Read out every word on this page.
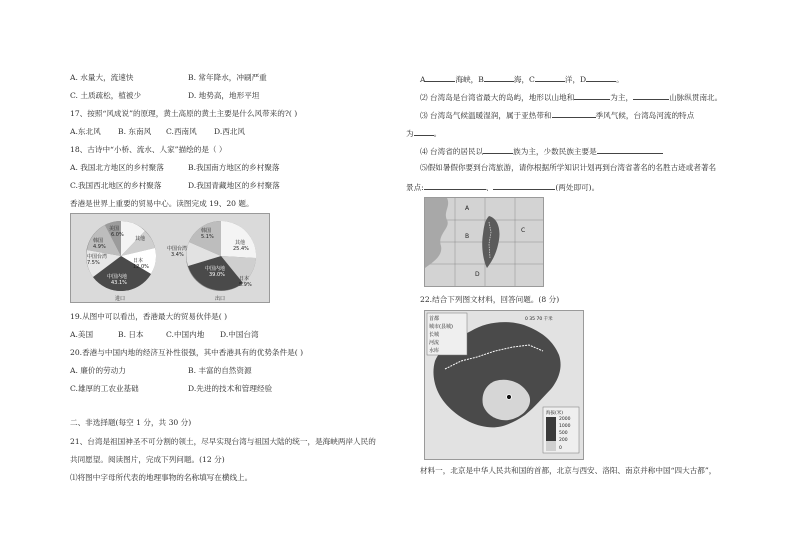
A. 水量大，流速快	B. 常年降水，冲刷严重
C. 土质疏松，植被少	D. 地势高，地形平坦
17、按照“风成说”的原理，黄土高原的黄土主要是什么风带来的?( )
A.东北风 B. 东南风 C.西南风 D.西北风
18、古诗中“小桥、流水、人家”描绘的是（ ）
A. 我国北方地区的乡村聚落	B.我国南方地区的乡村聚落
C.我国西北地区的乡村聚落	D.我国青藏地区的乡村聚落
香港是世界上重要的贸易中心。读图完成 19、20 题。
美国
6.0%
韩国
4.9%
中国台湾
7.5%	日本
12.0%
中国内地
43.1%
其他
进口
韩国
5.1%
中国台湾
3.4%
其他
25.4%
中国内地
39.0%
日本
5.9%
出口
19.从图中可以看出，香港最大的贸易伙伴是( )
A.美国	B. 日本	C.中国内地 D.中国台湾
20.香港与中国内地的经济互补性很强，其中香港具有的优势条件是( )
A. 廉价的劳动力	B. 丰富的自然资源
C.雄厚的工农业基础	D.先进的技术和管理经验
二、非选择题(每空 1 分，共 30 分)
21、台湾是祖国神圣不可分割的领土，尽早实现台湾与祖国大陆的统一，是海峡两岸人民的
共同愿望。阅读图片，完成下列问题。(12 分)
⑴将图中字母所代表的地理事物的名称填写在横线上。
A	海峡，B	海，C	洋，D	。
⑵ 台湾岛是台湾省最大的岛屿，地形以山地和	为主，	山脉纵贯南北。
⑶ 台湾岛气候温暖湿润，属于亚热带和	季风气候，台湾岛河流的特点
为	。
⑷ 台湾省的居民以	族为主，少数民族主要是
⑸假如暑假你要到台湾旅游，请你根据所学知识计划再到台湾省著名的名胜古迹或者著名
景点:	、	(两处即可)。
A
B
C
D
22.结合下列图文材料，回答问题。(8 分)
首都
城市(县城)
长城
河流
水库
0 35 70 千米
海拔(米)
2000
1000
500
200
0
材料一，北京是中华人民共和国的首都，北京与西安、洛阳、南京并称中国“四大古都”，
